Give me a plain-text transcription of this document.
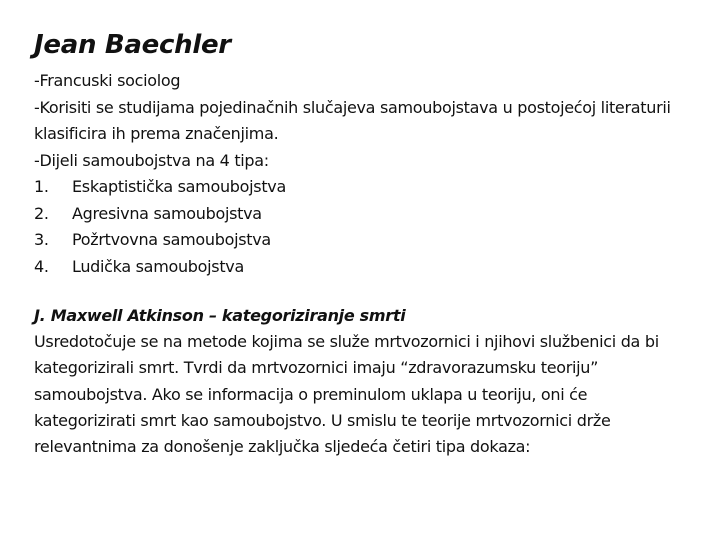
Jean Baechler
-Francuski sociolog
-Korisiti se studijama pojedinačnih slučajeva samoubojstava u postojećoj literaturii klasificira ih prema značenjima.
-Dijeli samoubojstva na 4 tipa:
1.	Eskaptistička samoubojstva
2.	Agresivna samoubojstva
3.	Požrtvovna samoubojstva
4.	Ludička samoubojstva
J. Maxwell Atkinson – kategoriziranje smrti
Usredotočuje se na metode kojima se služe mrtvozornici i njihovi službenici da bi kategorizirali smrt. Tvrdi da mrtvozornici imaju “zdravorazumsku teoriju” samoubojstva. Ako se informacija o preminulom uklapa u teoriju, oni će kategorizirati smrt kao samoubojstvo. U smislu te teorije mrtvozornici drže relevantnima za donošenje zaključka sljedeća četiri tipa dokaza:
